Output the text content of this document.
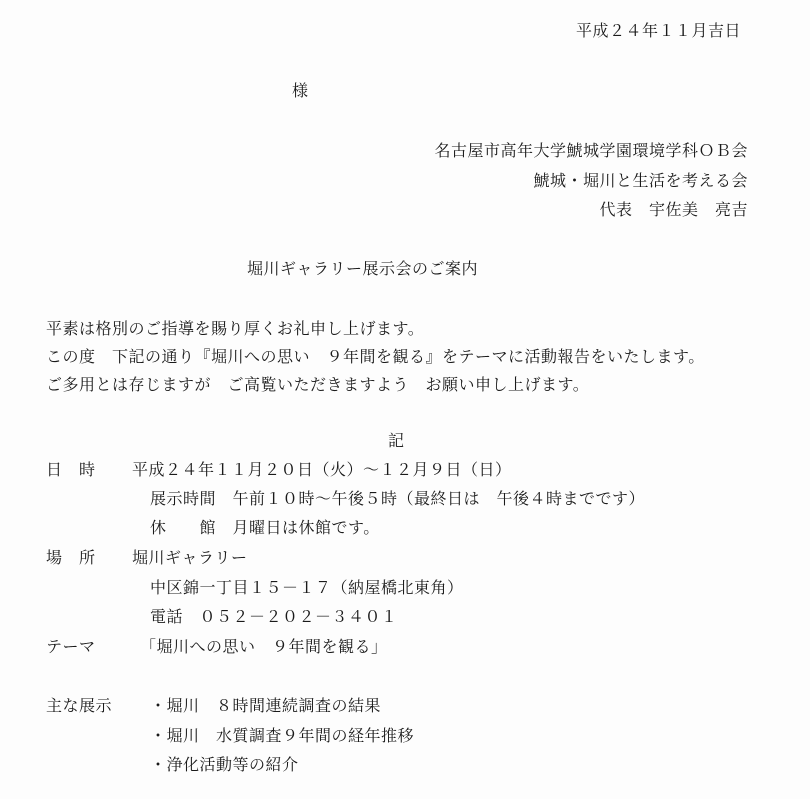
平成２４年１１月吉日
様
名古屋市高年大学鯱城学園環境学科ＯＢ会
鯱城・堀川と生活を考える会
代表　宇佐美　亮吉
堀川ギャラリー展示会のご案内
平素は格別のご指導を賜り厚くお礼申し上げます。
この度　下記の通り『堀川への思い　９年間を観る』をテーマに活動報告をいたします。
ご多用とは存じますが　ご高覧いただきますよう　お願い申し上げます。
記
日　時 平成２４年１１月２０日（火）～１２月９日（日）
展示時間　午前１０時～午後５時（最終日は　午後４時までです）
休　　館　月曜日は休館です。
場　所 堀川ギャラリー
中区錦一丁目１５－１７（納屋橋北東角）
電話　０５２－２０２－３４０１
テーマ	「堀川への思い　９年間を観る」
主な展示 ・堀川　８時間連続調査の結果
・堀川　水質調査９年間の経年推移
・浄化活動等の紹介
